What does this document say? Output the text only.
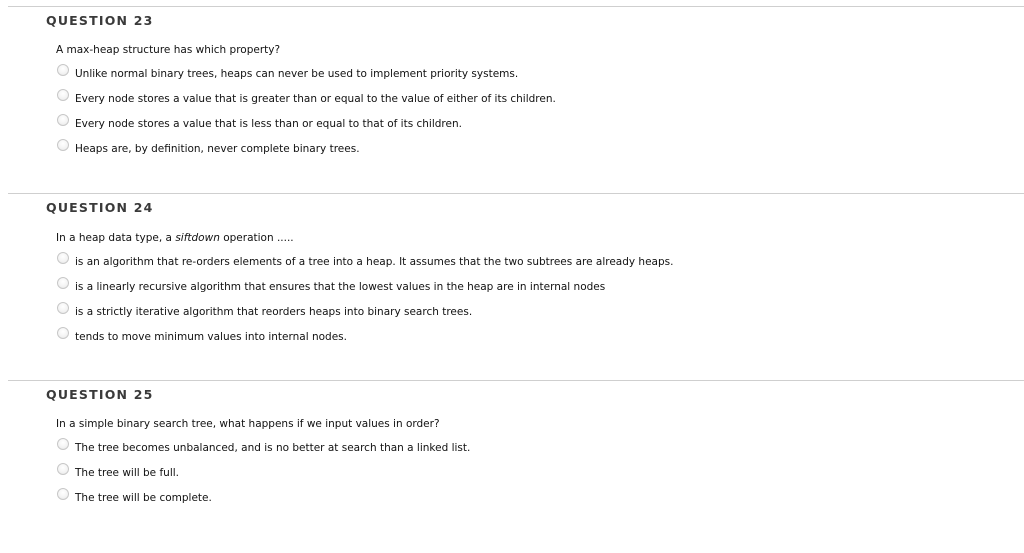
QUESTION 23
A max-heap structure has which property?
Unlike normal binary trees, heaps can never be used to implement priority systems.
Every node stores a value that is greater than or equal to the value of either of its children.
Every node stores a value that is less than or equal to that of its children.
Heaps are, by definition, never complete binary trees.
QUESTION 24
In a heap data type, a siftdown operation .....
is an algorithm that re-orders elements of a tree into a heap. It assumes that the two subtrees are already heaps.
is a linearly recursive algorithm that ensures that the lowest values in the heap are in internal nodes
is a strictly iterative algorithm that reorders heaps into binary search trees.
tends to move minimum values into internal nodes.
QUESTION 25
In a simple binary search tree, what happens if we input values in order?
The tree becomes unbalanced, and is no better at search than a linked list.
The tree will be full.
The tree will be complete.
